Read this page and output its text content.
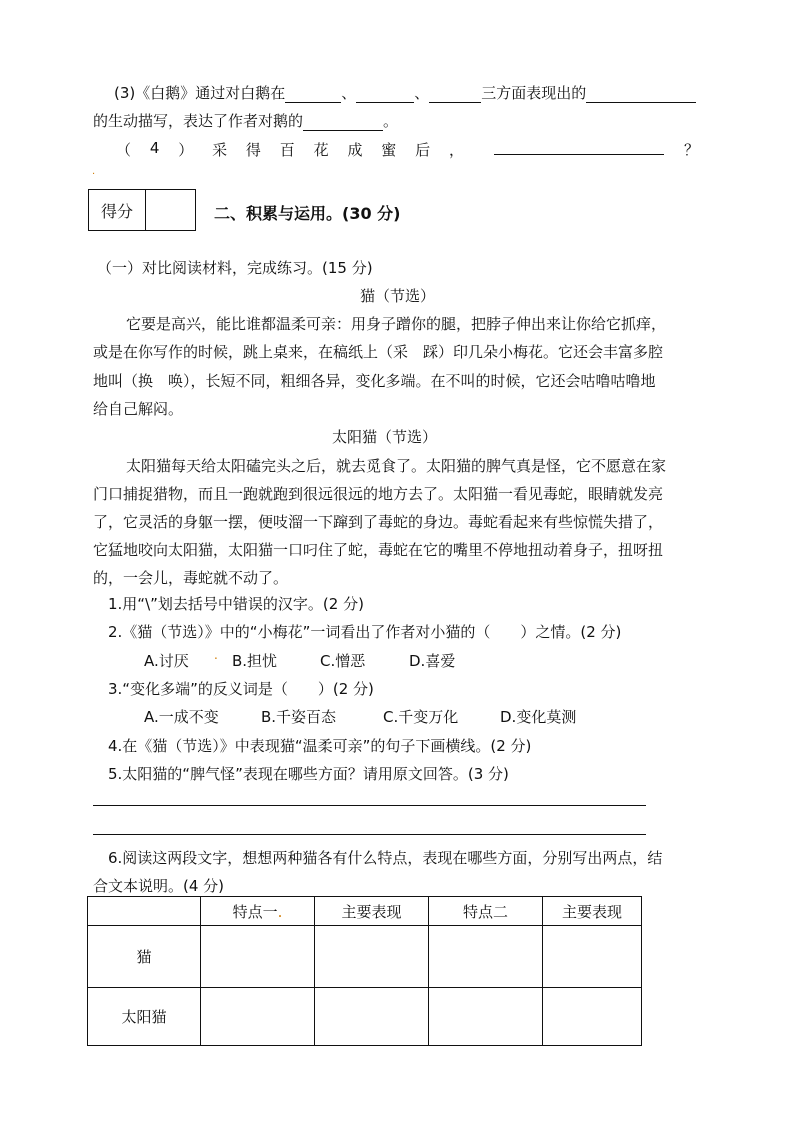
(3)《白鹅》通过对白鹅在	、	、	三方面表现出的
的生动描写，表达了作者对鹅的	。
（ 4 ） 采 得 百 花 成 蜜 后 ，	？
.
得分	二、积累与运用。(30 分)
（一）对比阅读材料，完成练习。(15 分)
猫（节选）
它要是高兴，能比谁都温柔可亲：用身子蹭你的腿，把脖子伸出来让你给它抓痒，
或是在你写作的时候，跳上桌来，在稿纸上（采　踩）印几朵小梅花。它还会丰富多腔
地叫（换　唤），长短不同，粗细各异，变化多端。在不叫的时候，它还会咕噜咕噜地
给自己解闷。
太阳猫（节选）
太阳猫每天给太阳磕完头之后，就去觅食了。太阳猫的脾气真是怪，它不愿意在家
门口捕捉猎物，而且一跑就跑到很远很远的地方去了。太阳猫一看见毒蛇，眼睛就发亮
了，它灵活的身躯一摆，便吱溜一下蹿到了毒蛇的身边。毒蛇看起来有些惊慌失措了，
它猛地咬向太阳猫，太阳猫一口叼住了蛇，毒蛇在它的嘴里不停地扭动着身子，扭呀扭
的，一会儿，毒蛇就不动了。
1.用“\”划去括号中错误的汉字。(2 分)
2.《猫（节选）》中的“小梅花”一词看出了作者对小猫的（　　）之情。(2 分)
A.讨厌 . B.担忧	C.憎恶	D.喜爱
3.“变化多端”的反义词是（　　）(2 分)
A.一成不变	B.千姿百态	C.千变万化	D.变化莫测
4.在《猫（节选）》中表现猫“温柔可亲”的句子下画横线。(2 分)
5.太阳猫的“脾气怪”表现在哪些方面？请用原文回答。(3 分)
6.阅读这两段文字，想想两种猫各有什么特点，表现在哪些方面，分别写出两点，结
合文本说明。(4 分)
	特点一.	主要表现	特点二	主要表现
猫				
太阳猫				
